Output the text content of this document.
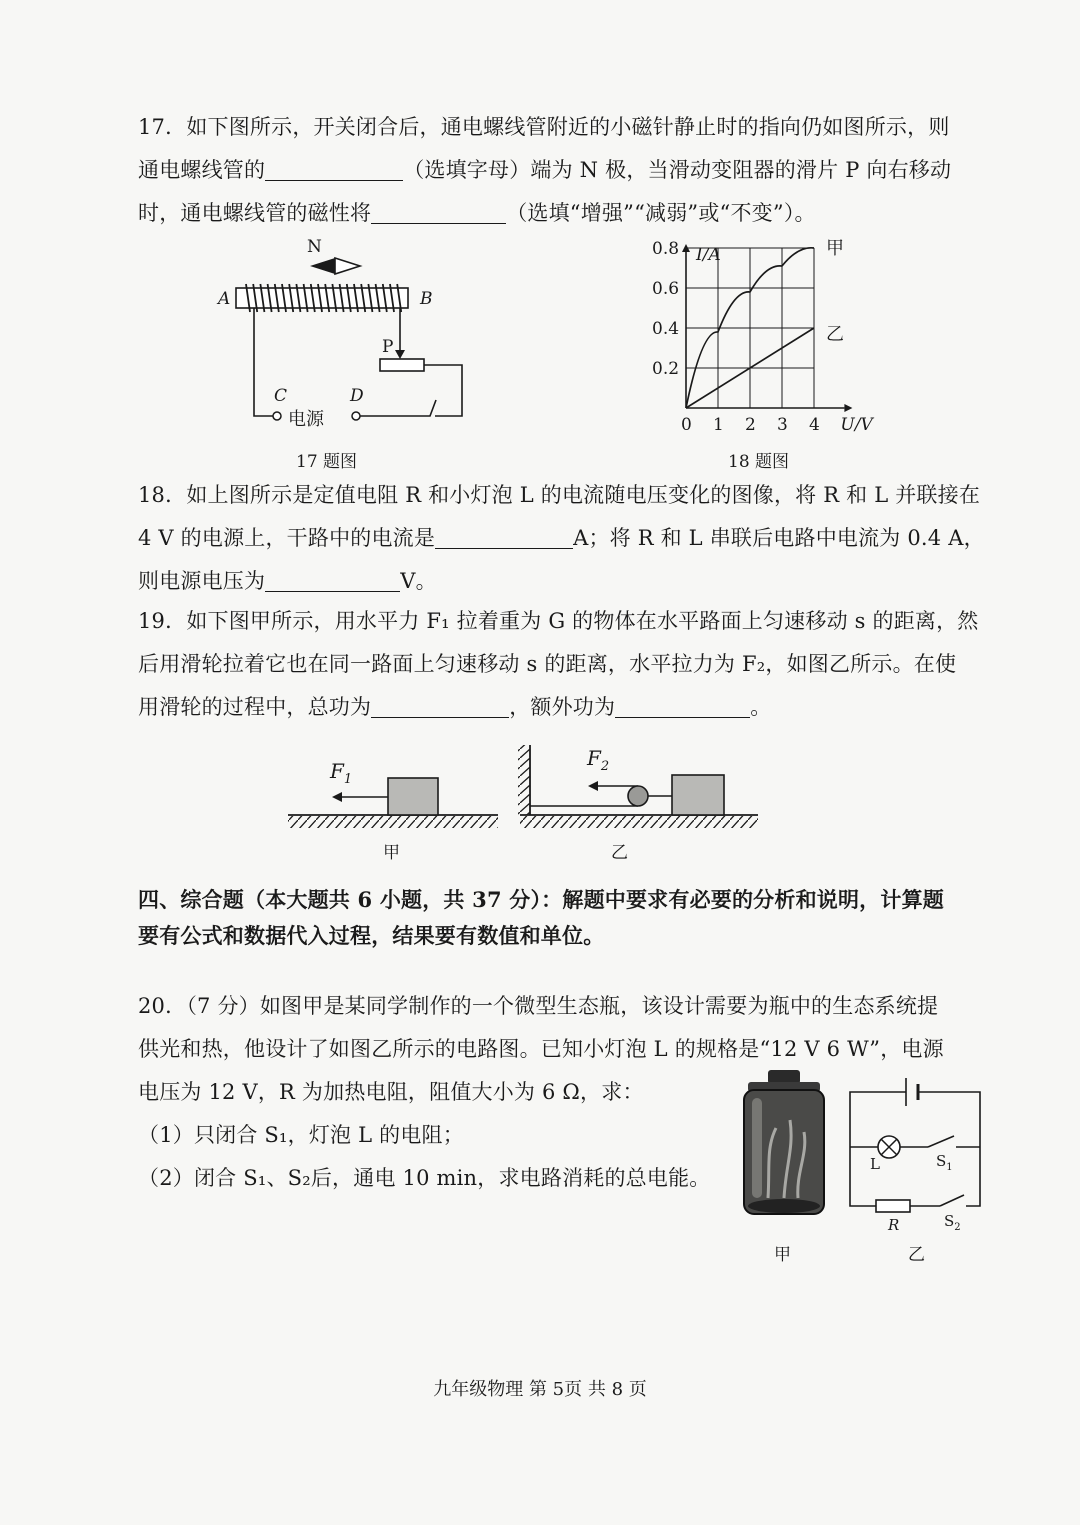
17．如下图所示，开关闭合后，通电螺线管附近的小磁针静止时的指向仍如图所示，则
通电螺线管的	（选填字母）端为 N 极，当滑动变阻器的滑片 P 向右移动
时，通电螺线管的磁性将	（选填“增强”“减弱”或“不变”）。
N
A	B
P
C	D
电源
17 题图
0 1 2 3 4
0.2
0.4
0.6
0.8 I/A
U/V
甲
乙
18 题图
18．如上图所示是定值电阻 R 和小灯泡 L 的电流随电压变化的图像，将 R 和 L 并联接在
4 V 的电源上，干路中的电流是	A；将 R 和 L 串联后电路中电流为 0.4 A，
则电源电压为	V。
19．如下图甲所示，用水平力 F₁ 拉着重为 G 的物体在水平路面上匀速移动 s 的距离，然
后用滑轮拉着它也在同一路面上匀速移动 s 的距离，水平拉力为 F₂，如图乙所示。在使
用滑轮的过程中，总功为	，额外功为	。
$F_1$
$F_2$
甲	乙
四、综合题（本大题共 6 小题，共 37 分）：解题中要求有必要的分析和说明，计算题
要有公式和数据代入过程，结果要有数值和单位。
20．（7 分）如图甲是某同学制作的一个微型生态瓶，该设计需要为瓶中的生态系统提
供光和热，他设计了如图乙所示的电路图。已知小灯泡 L 的规格是“12 V 6 W”，电源
电压为 12 V，R 为加热电阻，阻值大小为 6 Ω，求：
（1）只闭合 S₁，灯泡 L 的电阻；
（2）闭合 S₁、S₂后，通电 10 min，求电路消耗的总电能。
甲
L	$S_1$
R	$S_2$
乙
九年级物理 第 5页 共 8 页
